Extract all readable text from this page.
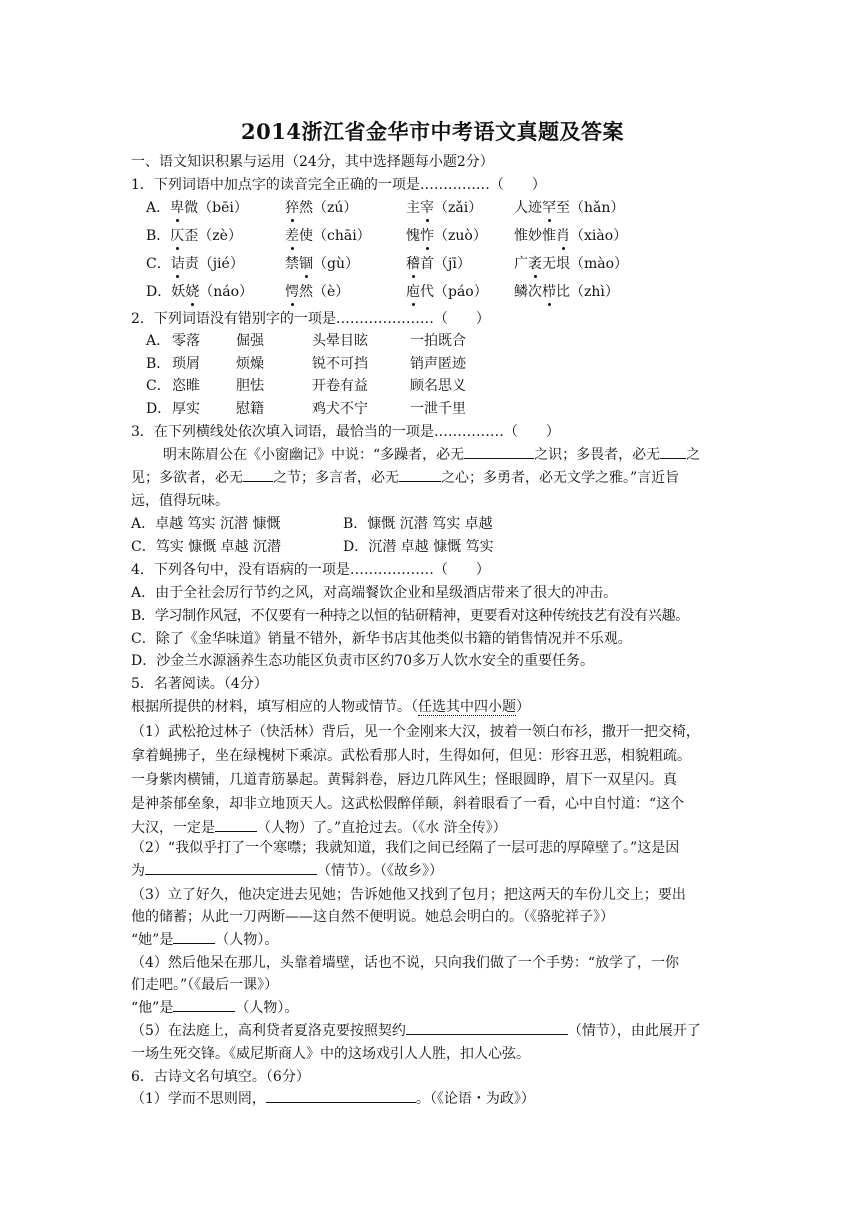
2014浙江省金华市中考语文真题及答案
一、语文知识积累与运用（24分，其中选择题每小题2分）
1．下列词语中加点字的读音完全正确的一项是……………（　　）
A．卑微（bēi）	猝然（zú）	主宰（zǎi）	人迹罕至（hǎn）
B．仄歪（zè）	差使（chāi）	愧怍（zuò）	惟妙惟肖（xiào）
C．诘责（jié）	禁锢（gù）	稽首（jī）	广袤无垠（mào）
D．妖娆（náo）	愕然（è）	庖代（páo）	鳞次栉比（zhì）
2．下列词语没有错别字的一项是…………………（　　）
A． 零落	倔强	头晕目眩	一拍既合
B． 琐屑	烦燥	锐不可挡	销声匿迹
C． 恣睢	胆怯	开卷有益	顾名思义
D． 厚实	慰籍	鸡犬不宁	一泄千里
3．在下列横线处依次填入词语，最恰当的一项是……………（　　）
明末陈眉公在《小窗幽记》中说：“多躁者，必无	之识；多畏者，必无 之
见；多欲者，必无 之节；多言者，必无	之心；多勇者，必无文学之雅。”言近旨
远，值得玩味。
A．卓越 笃实 沉潜 慷慨	B．慷慨 沉潜 笃实 卓越
C．笃实 慷慨 卓越 沉潜	D．沉潜 卓越 慷慨 笃实
4．下列各句中，没有语病的一项是………………（　　）
A．由于全社会厉行节约之风，对高端餐饮企业和星级酒店带来了很大的冲击。
B．学习制作风冠，不仅要有一种持之以恒的钻研精神，更要看对这种传统技艺有没有兴趣。
C．除了《金华味道》销量不错外，新华书店其他类似书籍的销售情况并不乐观。
D．沙金兰水源涵养生态功能区负责市区约70多万人饮水安全的重要任务。
5．名著阅读。（4分）
根据所提供的材料，填写相应的人物或情节。（任选其中四小题）
（1）武松抢过林子（快活林）背后，见一个金刚来大汉，披着一领白布衫，撒开一把交椅，
拿着蝇拂子，坐在绿槐树下乘凉。武松看那人时，生得如何，但见：形容丑恶，相貌粗疏。
一身紫肉横铺，几道青筋暴起。黄髯斜卷，唇边几阵风生；怪眼圆睁，眉下一双星闪。真
是神荼郁垒象，却非立地顶天人。这武松假醉佯颠，斜着眼看了一看，心中自忖道：“这个
大汉，一定是	（人物）了。”直抢过去。（《水 浒全传》）
（2）“我似乎打了一个寒噤；我就知道，我们之间已经隔了一层可悲的厚障壁了。”这是因
为	（情节）。（《故乡》）
（3）立了好久，他决定进去见她；告诉她他又找到了包月；把这两天的车份儿交上；要出
他的储蓄；从此一刀两断——这自然不便明说。她总会明白的。（《骆驼祥子》）
“她”是	（人物）。
（4）然后他呆在那儿，头靠着墙壁，话也不说，只向我们做了一个手势：“放学了，一你
们走吧。”（《最后一课》）
“他”是	（人物）。
（5）在法庭上，高利贷者夏洛克要按照契约	（情节），由此展开了
一场生死交锋。《威尼斯商人》中的这场戏引人人胜，扣人心弦。
6．古诗文名句填空。（6分）
（1）学而不思则罔，	。（《论语・为政》）
